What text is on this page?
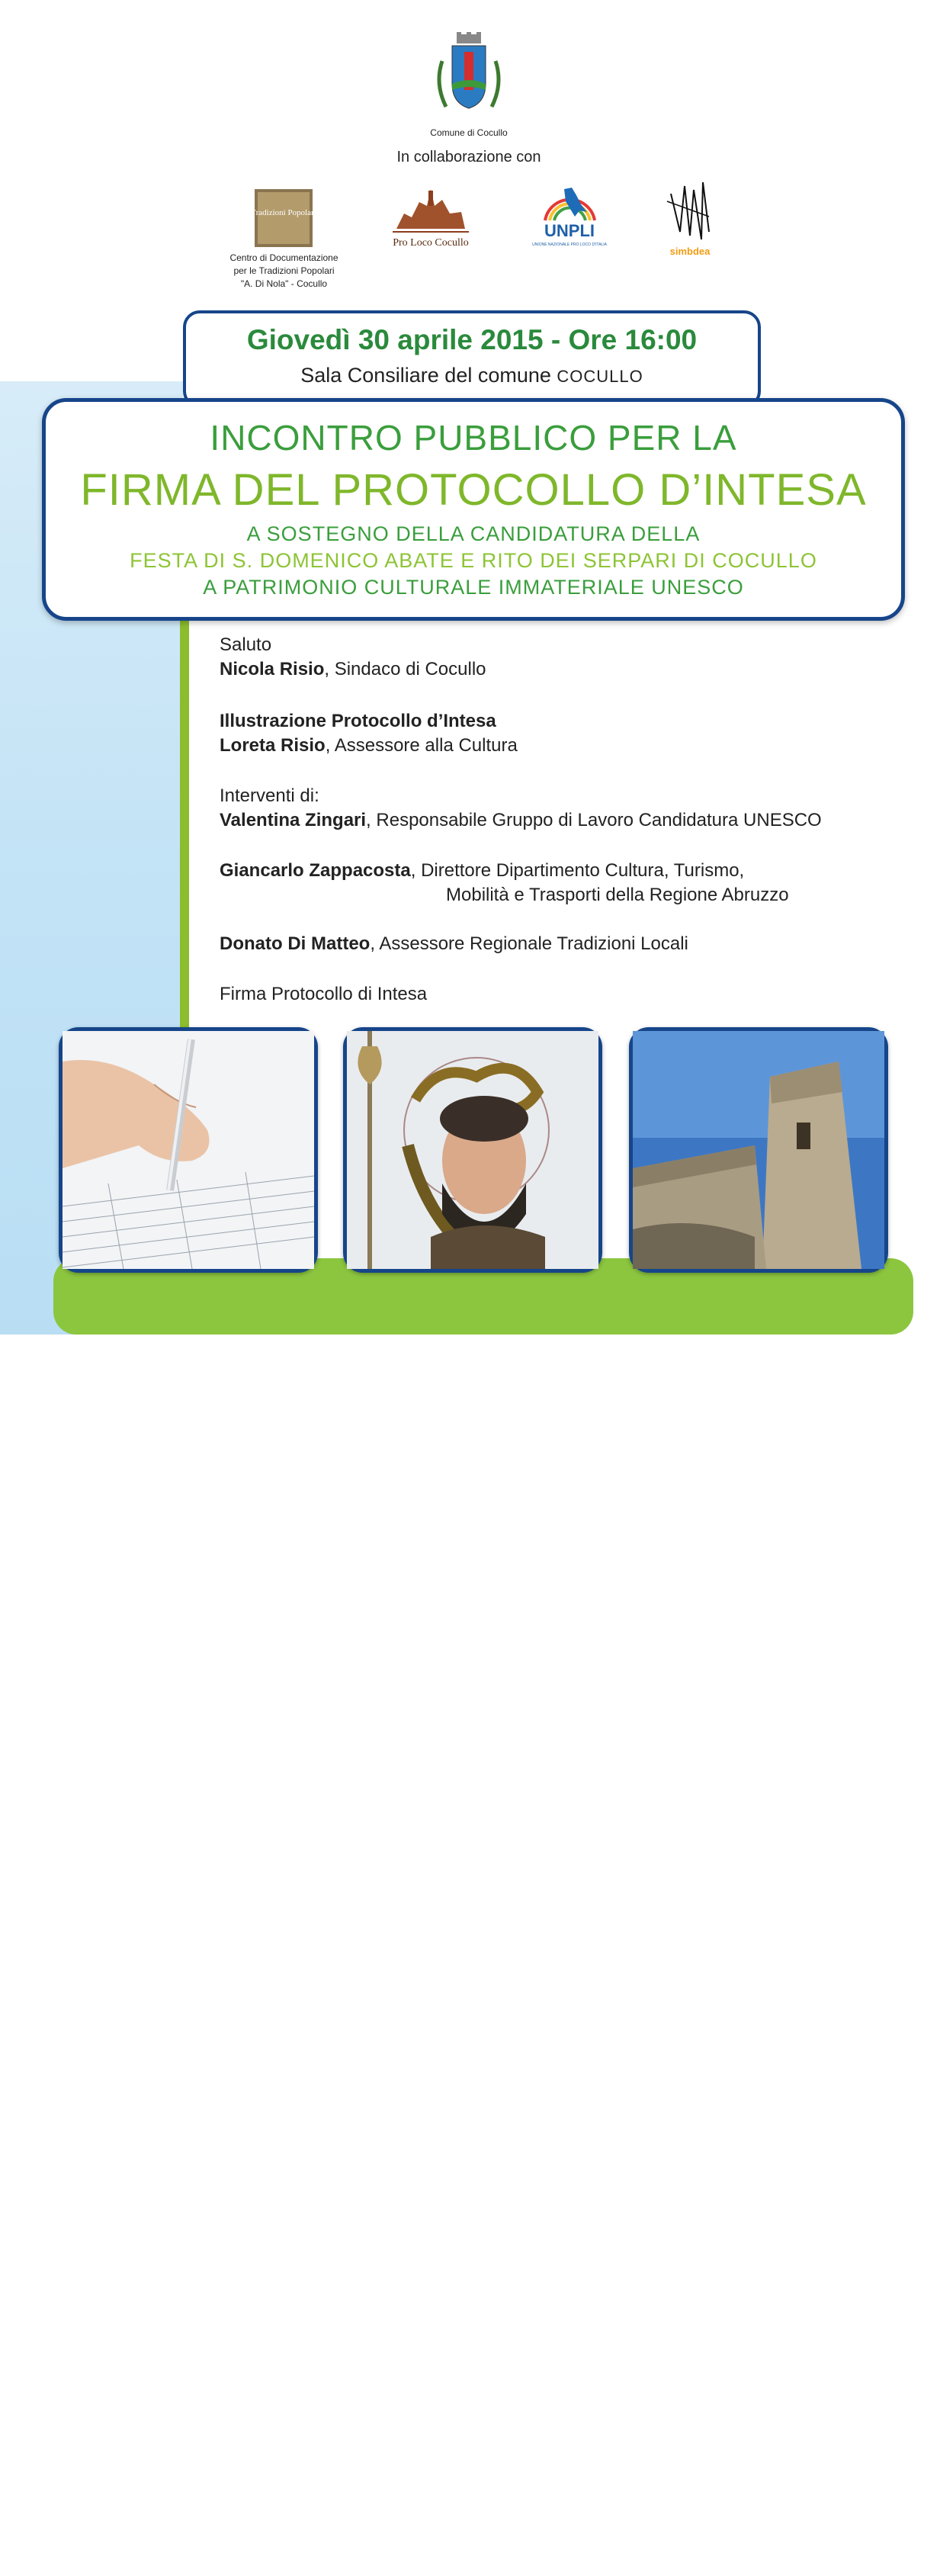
Comune di Cocullo
In collaborazione con
Tradizioni Popolari
Centro di Documentazione
per le Tradizioni Popolari
"A. Di Nola" - Cocullo
Pro Loco Cocullo
UNPLI
UNIONE NAZIONALE PRO LOCO D'ITALIA
simbdea
Giovedì 30 aprile 2015 - Ore 16:00
Sala Consiliare del comune COCULLO
INCONTRO PUBBLICO PER LA
FIRMA DEL PROTOCOLLO D’INTESA
A SOSTEGNO DELLA CANDIDATURA DELLA
FESTA DI S. DOMENICO ABATE E RITO DEI SERPARI DI COCULLO
A PATRIMONIO CULTURALE IMMATERIALE UNESCO
Saluto
Nicola Risio, Sindaco di Cocullo
Illustrazione Protocollo d’Intesa
Loreta Risio, Assessore alla Cultura
Interventi di:
Valentina Zingari, Responsabile Gruppo di Lavoro Candidatura UNESCO
Giancarlo Zappacosta, Direttore Dipartimento Cultura, Turismo,
Mobilità e Trasporti della Regione Abruzzo
Donato Di Matteo, Assessore Regionale Tradizioni Locali
Firma Protocollo di Intesa
Invito
